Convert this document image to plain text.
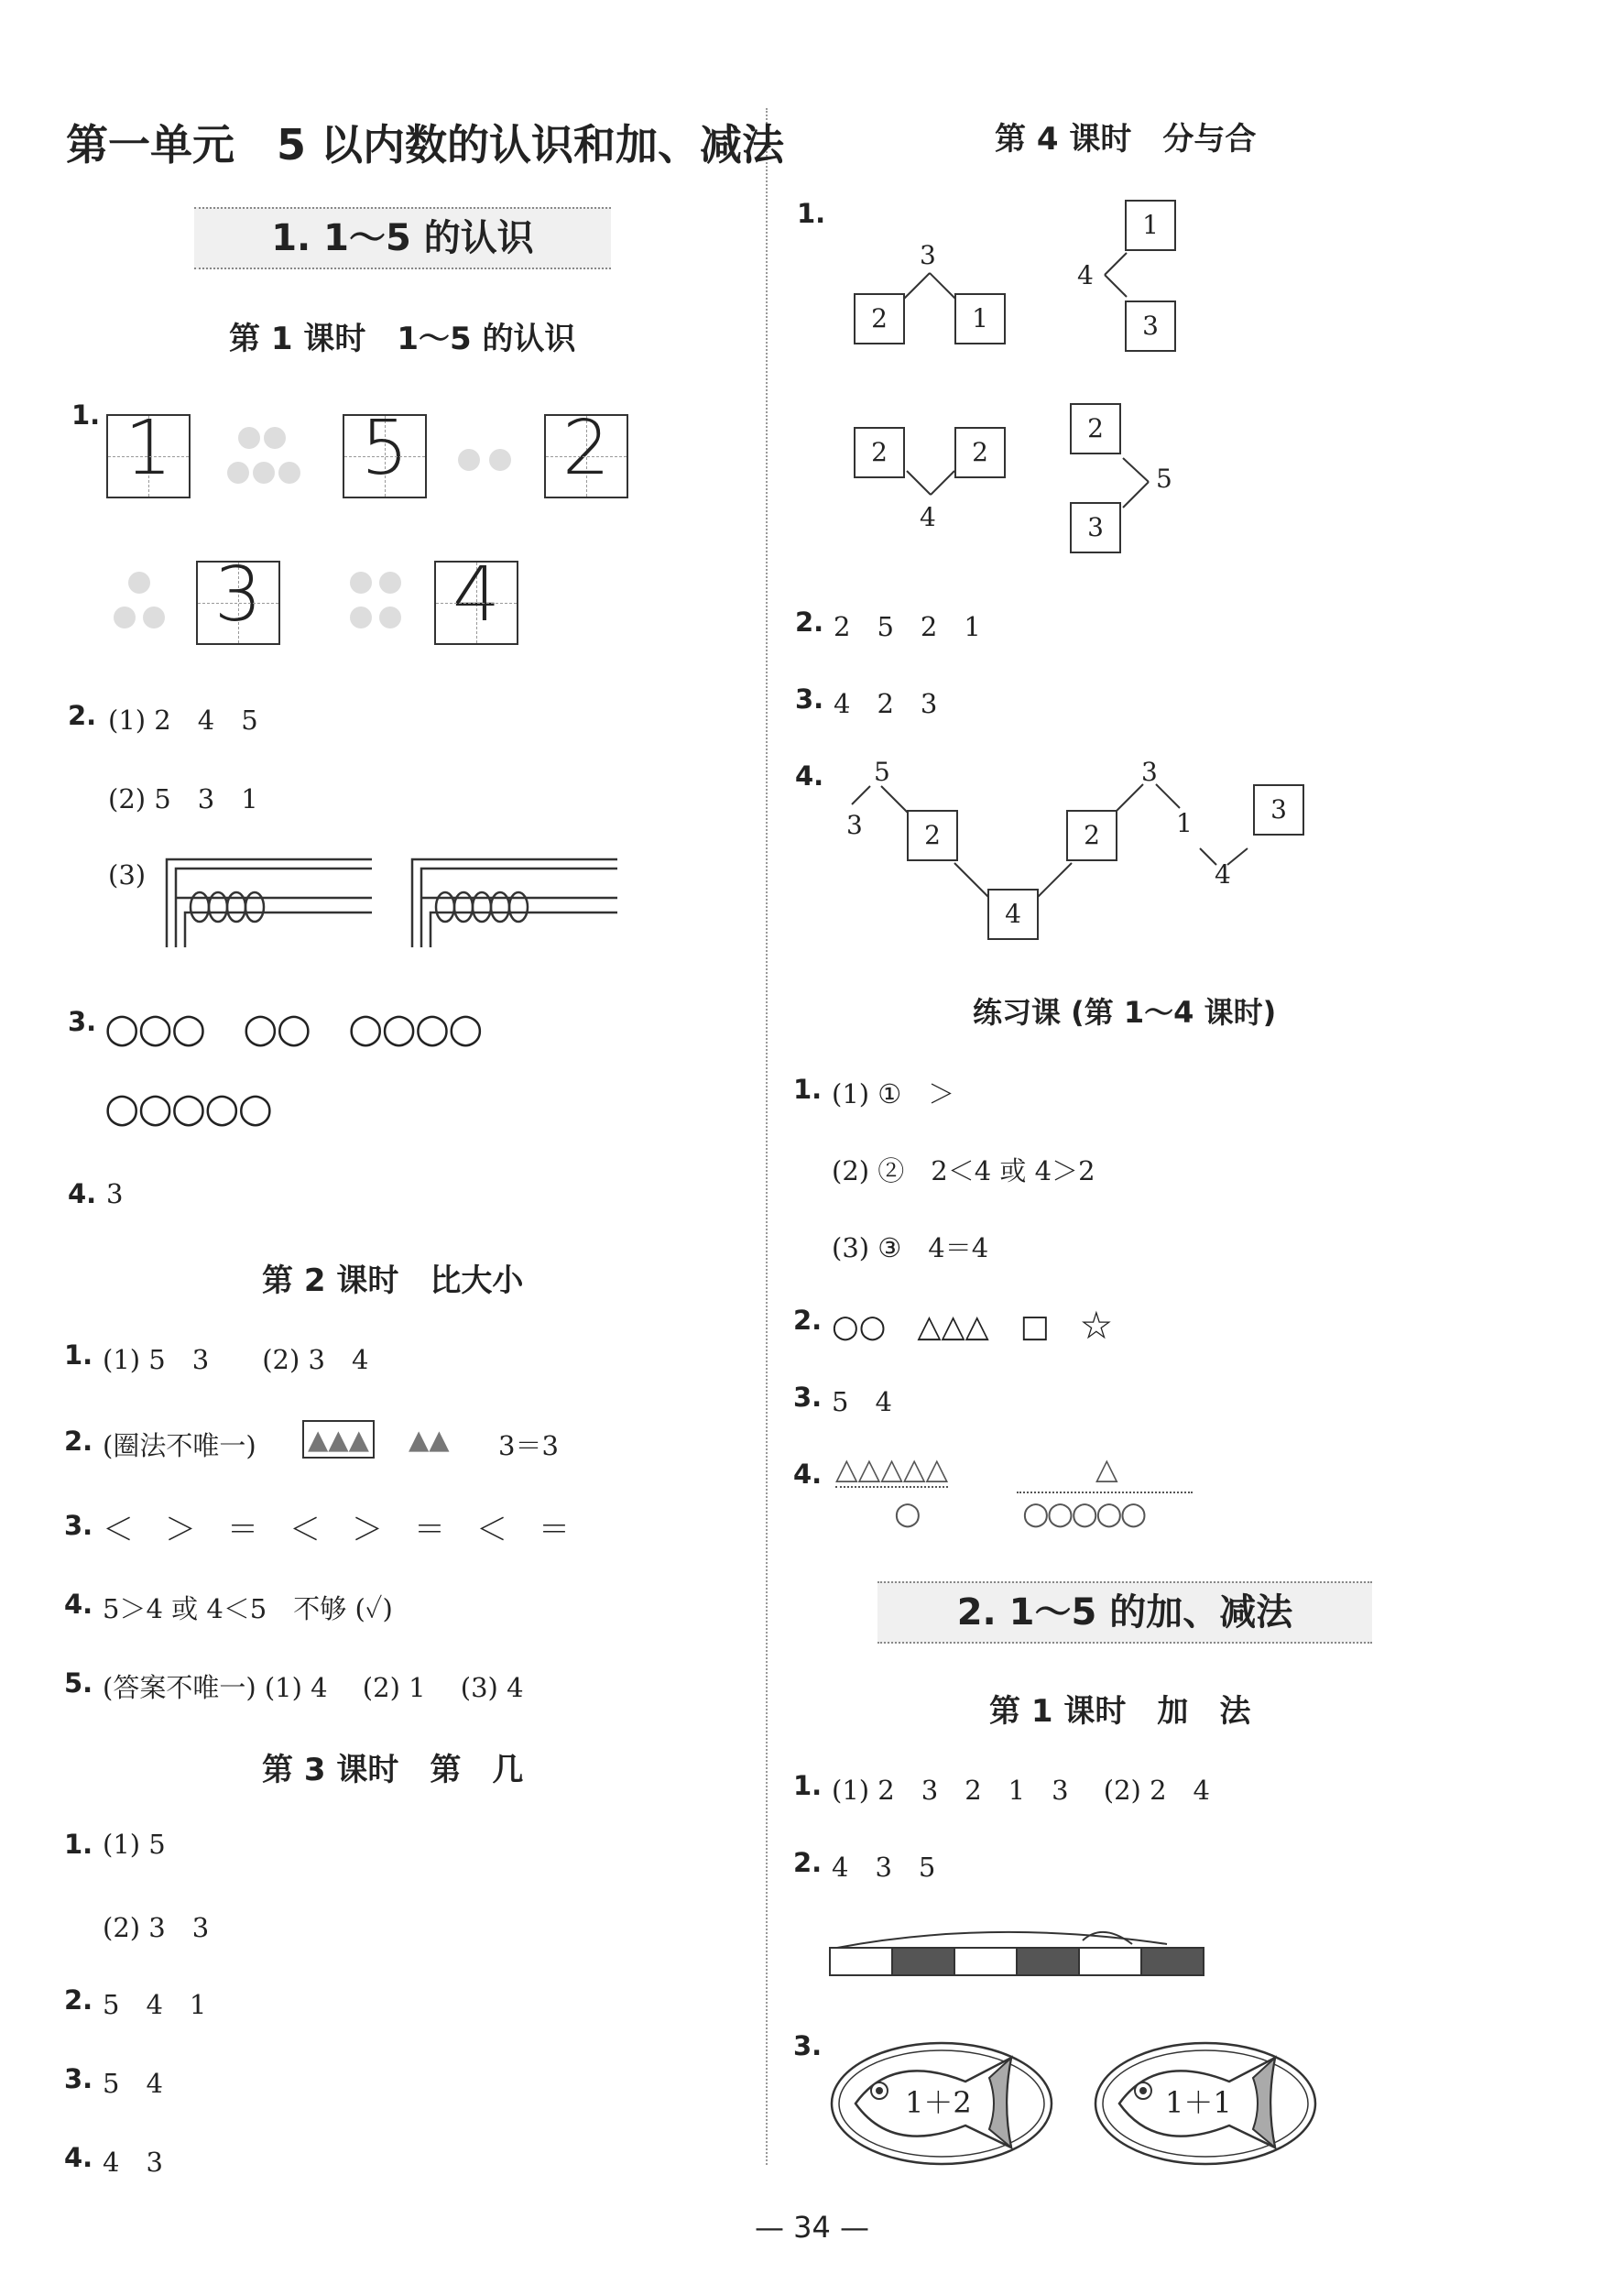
第一单元　5 以内数的认识和加、减法
1. 1～5 的认识
第 1 课时　1～5 的认识
1. 1	5 2
3	4
2. (1) 2　4　5
(2) 5　3　1
(3)
3. ○○○　○○　○○○○
○○○○○
4. 3
第 2 课时　比大小
1. (1) 5　3　　(2) 3　4
2. (圈法不唯一) ▲▲▲ ▲▲ 3＝3
3. ＜　＞　＝　＜　＞　＝　＜　＝
4. 5＞4 或 4＜5　不够 (✓)
5. (答案不唯一) (1) 4　 (2) 1　 (3) 4
第 3 课时　第　几
1. (1) 5
(2) 3　3
2. 5　4　1
3. 5　4
4. 4　3
第 4 课时　分与合
1.
3
2	1
4
1
3
2	2
4
2
3
5
2. 2　5　2　1
3. 4　2　3
4. 5
3	2
4
2
3
1
4
3
练习课 (第 1～4 课时)
1. (1) ①　＞
(2) ②　2＜4 或 4＞2
(3) ③　4＝4
2. ○○　△△△　□　☆
3. 5　4
4. △△△△△
○
△
○○○○○
2. 1～5 的加、减法
第 1 课时　加　法
1. (1) 2　3　2　1　3　 (2) 2　4
2. 4　3　5
3.
1＋2	1＋1
— 34 —
